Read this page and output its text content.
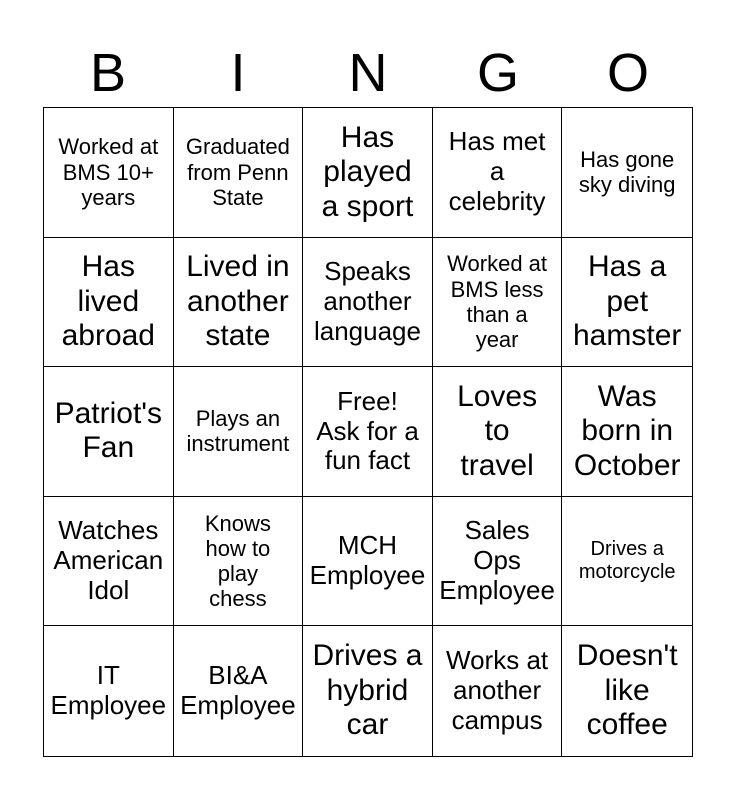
B	I	N	G	O
Worked at
BMS 10+
years
Graduated
from Penn
State
Has
played
a sport
Has met
a
celebrity
Has gone
sky diving
Has
lived
abroad
Lived in
another
state
Speaks
another
language
Worked at
BMS less
than a
year
Has a
pet
hamster
Patriot's
Fan
Plays an
instrument
Free!
Ask for a
fun fact
Loves
to
travel
Was
born in
October
Watches
American
Idol
Knows
how to
play
chess
MCH
Employee
Sales
Ops
Employee
Drives a
motorcycle
IT
Employee
BI&A
Employee
Drives a
hybrid
car
Works at
another
campus
Doesn't
like
coffee
